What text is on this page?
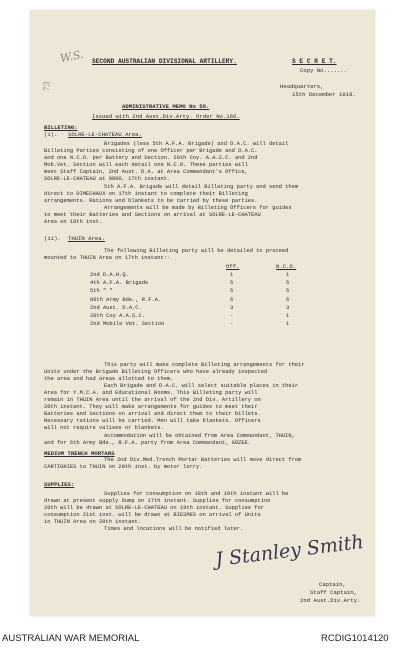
W.S.
73
SECOND AUSTRALIAN DIVISIONAL ARTILLERY.	S E C R E T.
Copy No.......
Headquarters,
15th December 1918.
ADMINISTRATIVE MEMO No 59.
Issued with 2nd Aust.Div.Arty. Order No.166.
BILLETING:
(i). SOLRE-LE-CHATEAU Area.
Brigades (less 5th A.F.A. Brigade) and D.A.C. will detail
Billeting Parties consisting of one Officer per Brigade and D.A.C.
and one N.C.O. per Battery and Section. 20th Coy. A.A.S.C. and 2nd
Mob.Vet. Section will each detail one N.C.O. These parties will
meet Staff Captain, 2nd Aust. D.A. at Area Commandant's Office,
SOLRE-LE-CHATEAU at 0800, 17th instant.
5th A.F.A. Brigade will detail Billeting party and send them
direct to DIMECHAUX on 17th instant to complete their Billeting
arrangements. Rations and blankets to be carried by these parties.
Arrangements will be made by Billeting Officers for guides
to meet their Batteries and Sections on arrival at SOLRE-LE-CHATEAU
Area on 18th inst.
(ii). THUIN Area.
The following Billeting party will be detailed to proceed
mounted to THUIN Area on 17th instant:-
Off.	N.C.O.
2nd D.A.H.Q.	1	1
4th A.F.A. Brigade	5	5
5th " "	5	5
06th Army Bde., R.F.A.	6	6
2nd Aust. D.A.C.	3	3
20th Coy A.A.S.C.	-	1
2nd Mobile Vet. Section	-	1
This party will make complete Billeting arrangements for their
Units under the Brigade Billeting Officers who have already inspected
the area and had areas allotted to them.
Each Brigade and D.A.C. will select suitable places in their
Area for Y.M.C.A. and Educational Rooms. This Billeting party will
remain in THUIN Area until the arrival of the 2nd Div. Artillery on
20th instant. They will make arrangements for guides to meet their
Batteries and Sections on arrival and direct them to their billets.
Necessary rations will be carried. Men will take blankets. Officers
will not require valises or blankets.
Accommodation will be obtained from Area Commandant, THUIN,
and for 6th Army Bde., R.F.A. party from Area Commandant, GOZEE.
MEDIUM TRENCH MORTARS
The 2nd Div.Med.Trench Mortar Batteries will move direct from
CARTIGNIES to THUIN on 20th inst. by motor lorry.
SUPPLIES:
Supplies for consumption on 18th and 19th instant will be
drawn at present supply Dump on 17th instant. Supplies for consumption
20th will be drawn at SOLRE-LE-CHATEAU on 19th instant. Supplies for
consumption 21st inst. will be drawn at BIESMES on arrival of Units
in THUIN Area on 20th instant.
Times and locations will be notified later.
J Stanley Smith
Captain,
Staff Captain,
2nd Aust.Div.Arty.
AUSTRALIAN WAR MEMORIAL	RCDIG1014120
